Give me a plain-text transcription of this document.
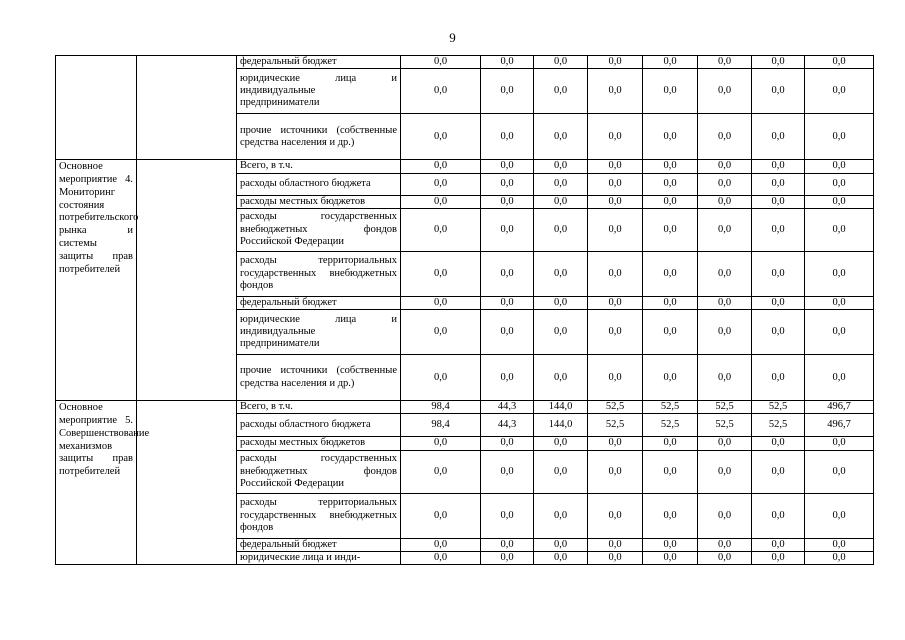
9
		федеральный бюджет	0,0	0,0	0,0	0,0	0,0	0,0	0,0	0,0
		юридические лица и индивидуальные предприниматели	0,0	0,0	0,0	0,0	0,0	0,0	0,0	0,0
		прочие источники (собственные средства населения и др.)	0,0	0,0	0,0	0,0	0,0	0,0	0,0	0,0
Основное мероприятие 4. Мониторинг состояния потребительского рынка и системы защиты прав потребителей		Всего, в т.ч.	0,0	0,0	0,0	0,0	0,0	0,0	0,0	0,0
		расходы областного бюджета	0,0	0,0	0,0	0,0	0,0	0,0	0,0	0,0
		расходы местных бюджетов	0,0	0,0	0,0	0,0	0,0	0,0	0,0	0,0
		расходы государственных внебюджетных фондов Российской Федерации	0,0	0,0	0,0	0,0	0,0	0,0	0,0	0,0
		расходы территориальных государственных внебюджетных фондов	0,0	0,0	0,0	0,0	0,0	0,0	0,0	0,0
		федеральный бюджет	0,0	0,0	0,0	0,0	0,0	0,0	0,0	0,0
		юридические лица и индивидуальные предприниматели	0,0	0,0	0,0	0,0	0,0	0,0	0,0	0,0
		прочие источники (собственные средства населения и др.)	0,0	0,0	0,0	0,0	0,0	0,0	0,0	0,0
Основное мероприятие 5. Совершенствование механизмов защиты прав потребителей		Всего, в т.ч.	98,4	44,3	144,0	52,5	52,5	52,5	52,5	496,7
		расходы областного бюджета	98,4	44,3	144,0	52,5	52,5	52,5	52,5	496,7
		расходы местных бюджетов	0,0	0,0	0,0	0,0	0,0	0,0	0,0	0,0
		расходы государственных внебюджетных фондов Российской Федерации	0,0	0,0	0,0	0,0	0,0	0,0	0,0	0,0
		расходы территориальных государственных внебюджетных фондов	0,0	0,0	0,0	0,0	0,0	0,0	0,0	0,0
		федеральный бюджет	0,0	0,0	0,0	0,0	0,0	0,0	0,0	0,0
		юридические лица и инди-	0,0	0,0	0,0	0,0	0,0	0,0	0,0	0,0
